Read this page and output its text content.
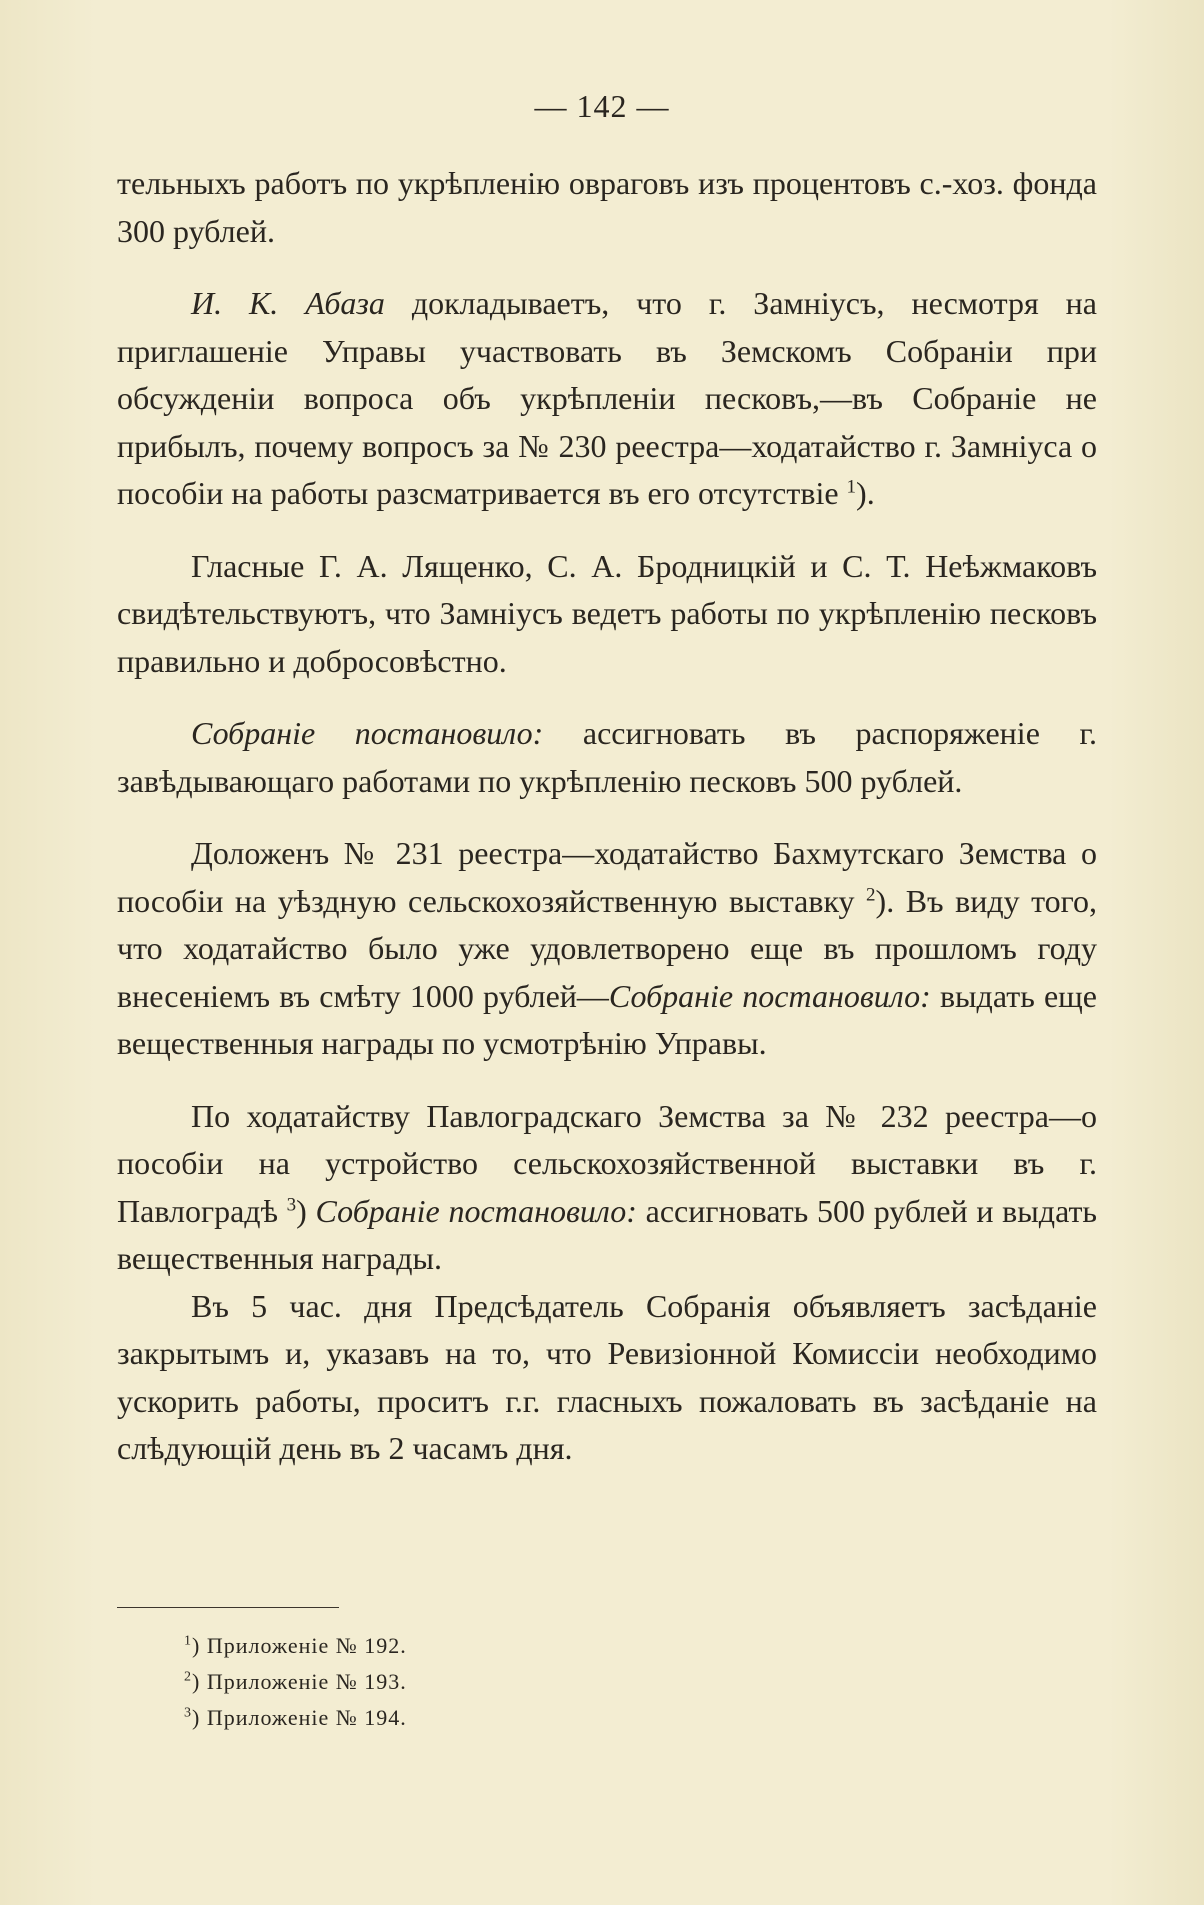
— 142 —

тельныхъ работъ по укрѣпленію овраговъ изъ процентовъ с.-хоз. фонда 300 рублей.

И. К. Абаза докладываетъ, что г. Замніусъ, несмотря на приглашеніе Управы участвовать въ Земскомъ Собраніи при обсужденіи вопроса объ укрѣпленіи песковъ,—въ Собраніе не прибылъ, почему вопросъ за № 230 реестра—ходатайство г. Замніуса о пособіи на работы разсматривается въ его отсутствіе $^1$).

Гласные Г. А. Лященко, С. А. Бродницкій и С. Т. Неѣжмаковъ свидѣтельствуютъ, что Замніусъ ведетъ работы по укрѣпленію песковъ правильно и добросовѣстно.

Собраніе постановило: ассигновать въ распоряженіе г. завѣдывающаго работами по укрѣпленію песковъ 500 рублей.

Доложенъ № 231 реестра—ходатайство Бахмутскаго Земства о пособіи на уѣздную сельскохозяйственную выставку $^2$). Въ виду того, что ходатайство было уже удовлетворено еще въ прошломъ году внесеніемъ въ смѣту 1000 рублей—Собраніе постановило: выдать еще вещественныя награды по усмотрѣнію Управы.

По ходатайству Павлоградскаго Земства за № 232 реестра—о пособіи на устройство сельскохозяйственной выставки въ г. Павлоградѣ $^3$) Собраніе постановило: ассигновать 500 рублей и выдать вещественныя награды.

Въ 5 час. дня Предсѣдатель Собранія объявляетъ засѣданіе закрытымъ и, указавъ на то, что Ревизіонной Комиссіи необходимо ускорить работы, проситъ г.г. гласныхъ пожаловать въ засѣданіе на слѣдующій день въ 2 часамъ дня.

$^1$) Приложеніе № 192.
$^2$) Приложеніе № 193.
$^3$) Приложеніе № 194.
